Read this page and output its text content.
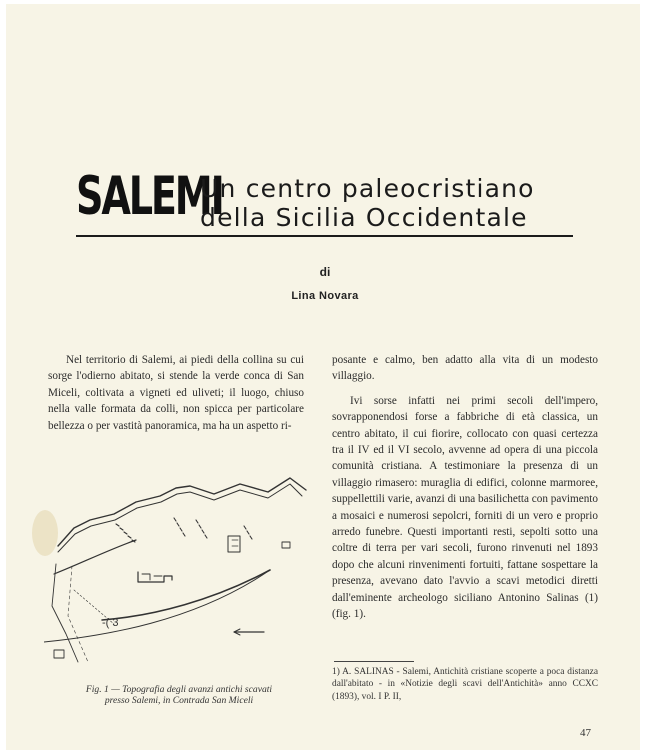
SALEMI
Un centro paleocristiano
della Sicilia Occidentale
di
Lina Novara

Nel territorio di Salemi, ai piedi della collina su cui sorge l'odierno abitato, si stende la verde conca di San Miceli, coltivata a vigneti ed uliveti; il luogo, chiuso nella valle formata da colli, non spicca per particolare bellezza o per vastità panoramica, ma ha un aspetto ri-

posante e calmo, ben adatto alla vita di un modesto villaggio.

Ivi sorse infatti nei primi secoli dell'impero, sovrapponendosi forse a fabbriche di età classica, un centro abitato, il cui fiorire, collocato con quasi certezza tra il IV ed il VI secolo, avvenne ad opera di una piccola comunità cristiana. A testimoniare la presenza di un villaggio rimasero: muraglia di edifici, colonne marmoree, suppellettili varie, avanzi di una basilichetta con pavimento a mosaici e numerosi sepolcri, forniti di un vero e proprio arredo funebre. Questi importanti resti, sepolti sotto una coltre di terra per vari secoli, furono rinvenuti nel 1893 dopo che alcuni rinvenimenti fortuiti, fattane sospettare la presenza, avevano dato l'avvio a scavi metodici diretti dall'eminente archeologo siciliano Antonino Salinas (1) (fig. 1).

-( 3
Fig. 1 — Topografia degli avanzi antichi scavati
presso Salemi, in Contrada San Miceli
1) A. SALINAS - Salemi, Antichità cristiane scoperte a poca distanza dall'abitato - in «Notizie degli scavi dell'Antichità» anno CCXC (1893), vol. I P. II,
47
